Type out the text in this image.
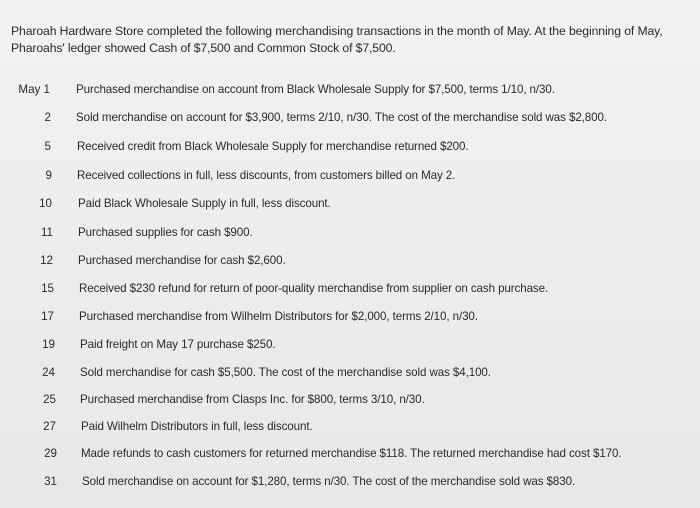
Pharoah Hardware Store completed the following merchandising transactions in the month of May. At the beginning of May,
Pharoahs' ledger showed Cash of $7,500 and Common Stock of $7,500.
May 1 Purchased merchandise on account from Black Wholesale Supply for $7,500, terms 1/10, n/30.
2 Sold merchandise on account for $3,900, terms 2/10, n/30. The cost of the merchandise sold was $2,800.
5 Received credit from Black Wholesale Supply for merchandise returned $200.
9 Received collections in full, less discounts, from customers billed on May 2.
10 Paid Black Wholesale Supply in full, less discount.
11 Purchased supplies for cash $900.
12 Purchased merchandise for cash $2,600.
15 Received $230 refund for return of poor-quality merchandise from supplier on cash purchase.
17 Purchased merchandise from Wilhelm Distributors for $2,000, terms 2/10, n/30.
19 Paid freight on May 17 purchase $250.
24 Sold merchandise for cash $5,500. The cost of the merchandise sold was $4,100.
25 Purchased merchandise from Clasps Inc. for $800, terms 3/10, n/30.
27 Paid Wilhelm Distributors in full, less discount.
29 Made refunds to cash customers for returned merchandise $118. The returned merchandise had cost $170.
31 Sold merchandise on account for $1,280, terms n/30. The cost of the merchandise sold was $830.
